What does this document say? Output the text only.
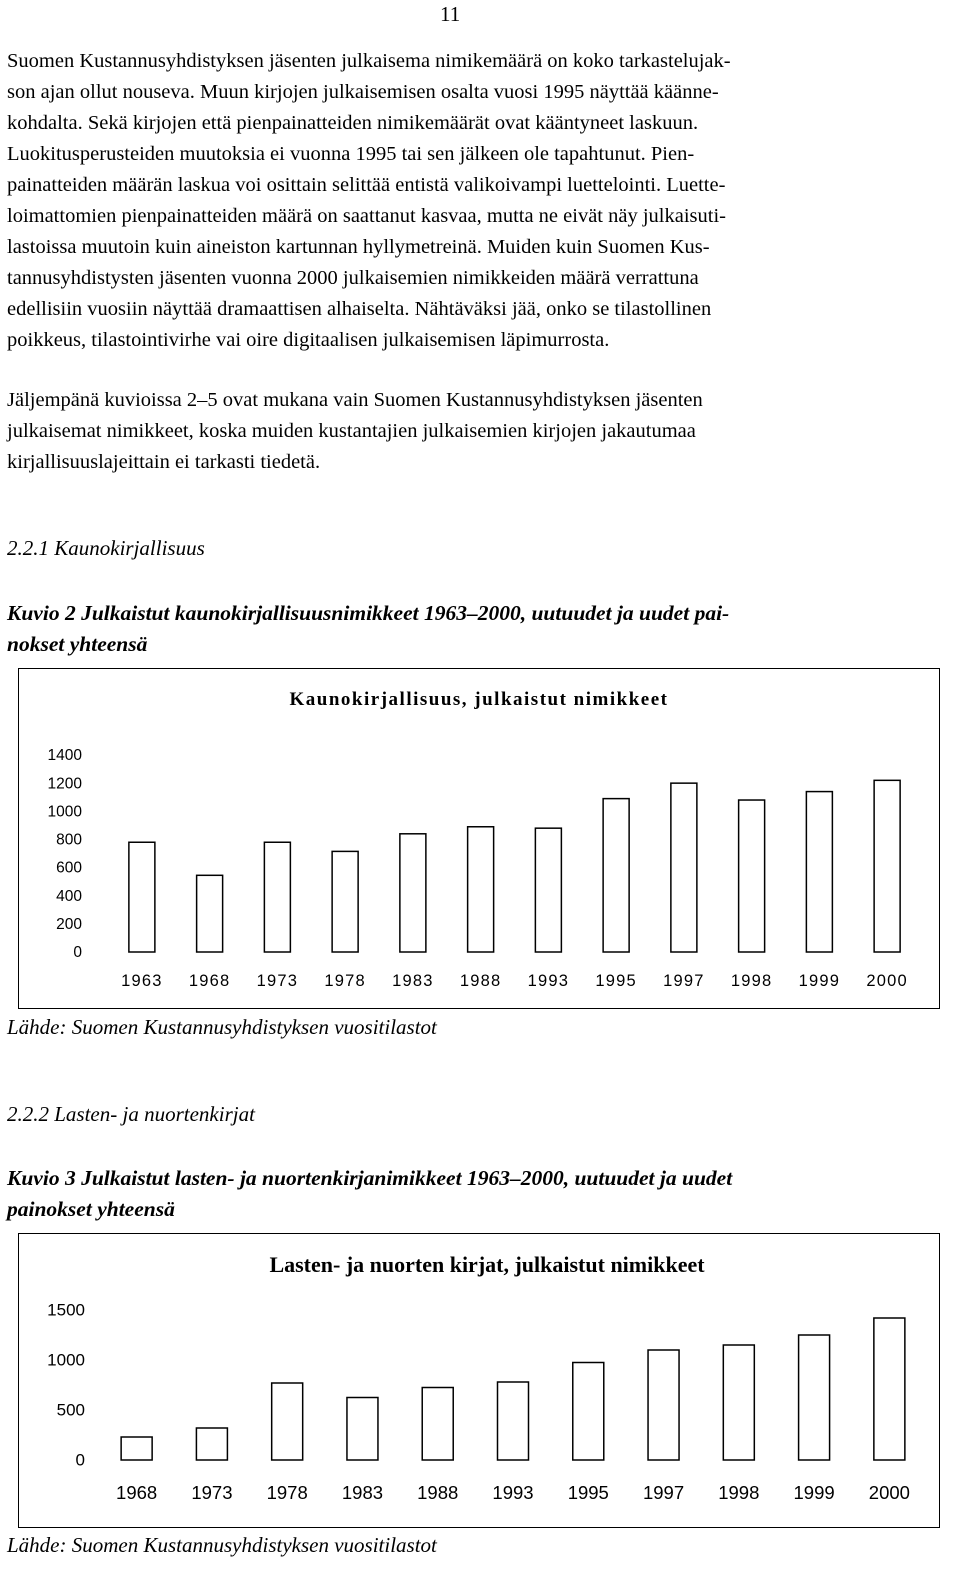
11
Suomen Kustannusyhdistyksen jäsenten julkaisema nimikemäärä on koko tarkastelujak-
son ajan ollut nouseva. Muun kirjojen julkaisemisen osalta vuosi 1995 näyttää käänne-
kohdalta. Sekä kirjojen että pienpainatteiden nimikemäärät ovat kääntyneet laskuun.
Luokitusperusteiden muutoksia ei vuonna 1995 tai sen jälkeen ole tapahtunut. Pien-
painatteiden määrän laskua voi osittain selittää entistä valikoivampi luettelointi. Luette-
loimattomien pienpainatteiden määrä on saattanut kasvaa, mutta ne eivät näy julkaisuti-
lastoissa muutoin kuin aineiston kartunnan hyllymetreinä. Muiden kuin Suomen Kus-
tannusyhdistysten jäsenten vuonna 2000 julkaisemien nimikkeiden määrä verrattuna
edellisiin vuosiin näyttää dramaattisen alhaiselta. Nähtäväksi jää, onko se tilastollinen
poikkeus, tilastointivirhe vai oire digitaalisen julkaisemisen läpimurrosta.
Jäljempänä kuvioissa 2–5 ovat mukana vain Suomen Kustannusyhdistyksen jäsenten
julkaisemat nimikkeet, koska muiden kustantajien julkaisemien kirjojen jakautumaa
kirjallisuuslajeittain ei tarkasti tiedetä.
2.2.1 Kaunokirjallisuus
Kuvio 2 Julkaistut kaunokirjallisuusnimikkeet 1963–2000, uutuudet ja uudet pai-
nokset yhteensä
Kaunokirjallisuus, julkaistut nimikkeet
0
200
400
600
800
1000
1200
1400
1963 1968 1973 1978 1983 1988 1993 1995 1997 1998 1999 2000
Lähde: Suomen Kustannusyhdistyksen vuositilastot
2.2.2 Lasten- ja nuortenkirjat
Kuvio 3 Julkaistut lasten- ja nuortenkirjanimikkeet 1963–2000, uutuudet ja uudet
painokset yhteensä
Lasten- ja nuorten kirjat, julkaistut nimikkeet
0
500
1000
1500
1968 1973 1978 1983 1988 1993 1995 1997 1998 1999 2000
Lähde: Suomen Kustannusyhdistyksen vuositilastot
